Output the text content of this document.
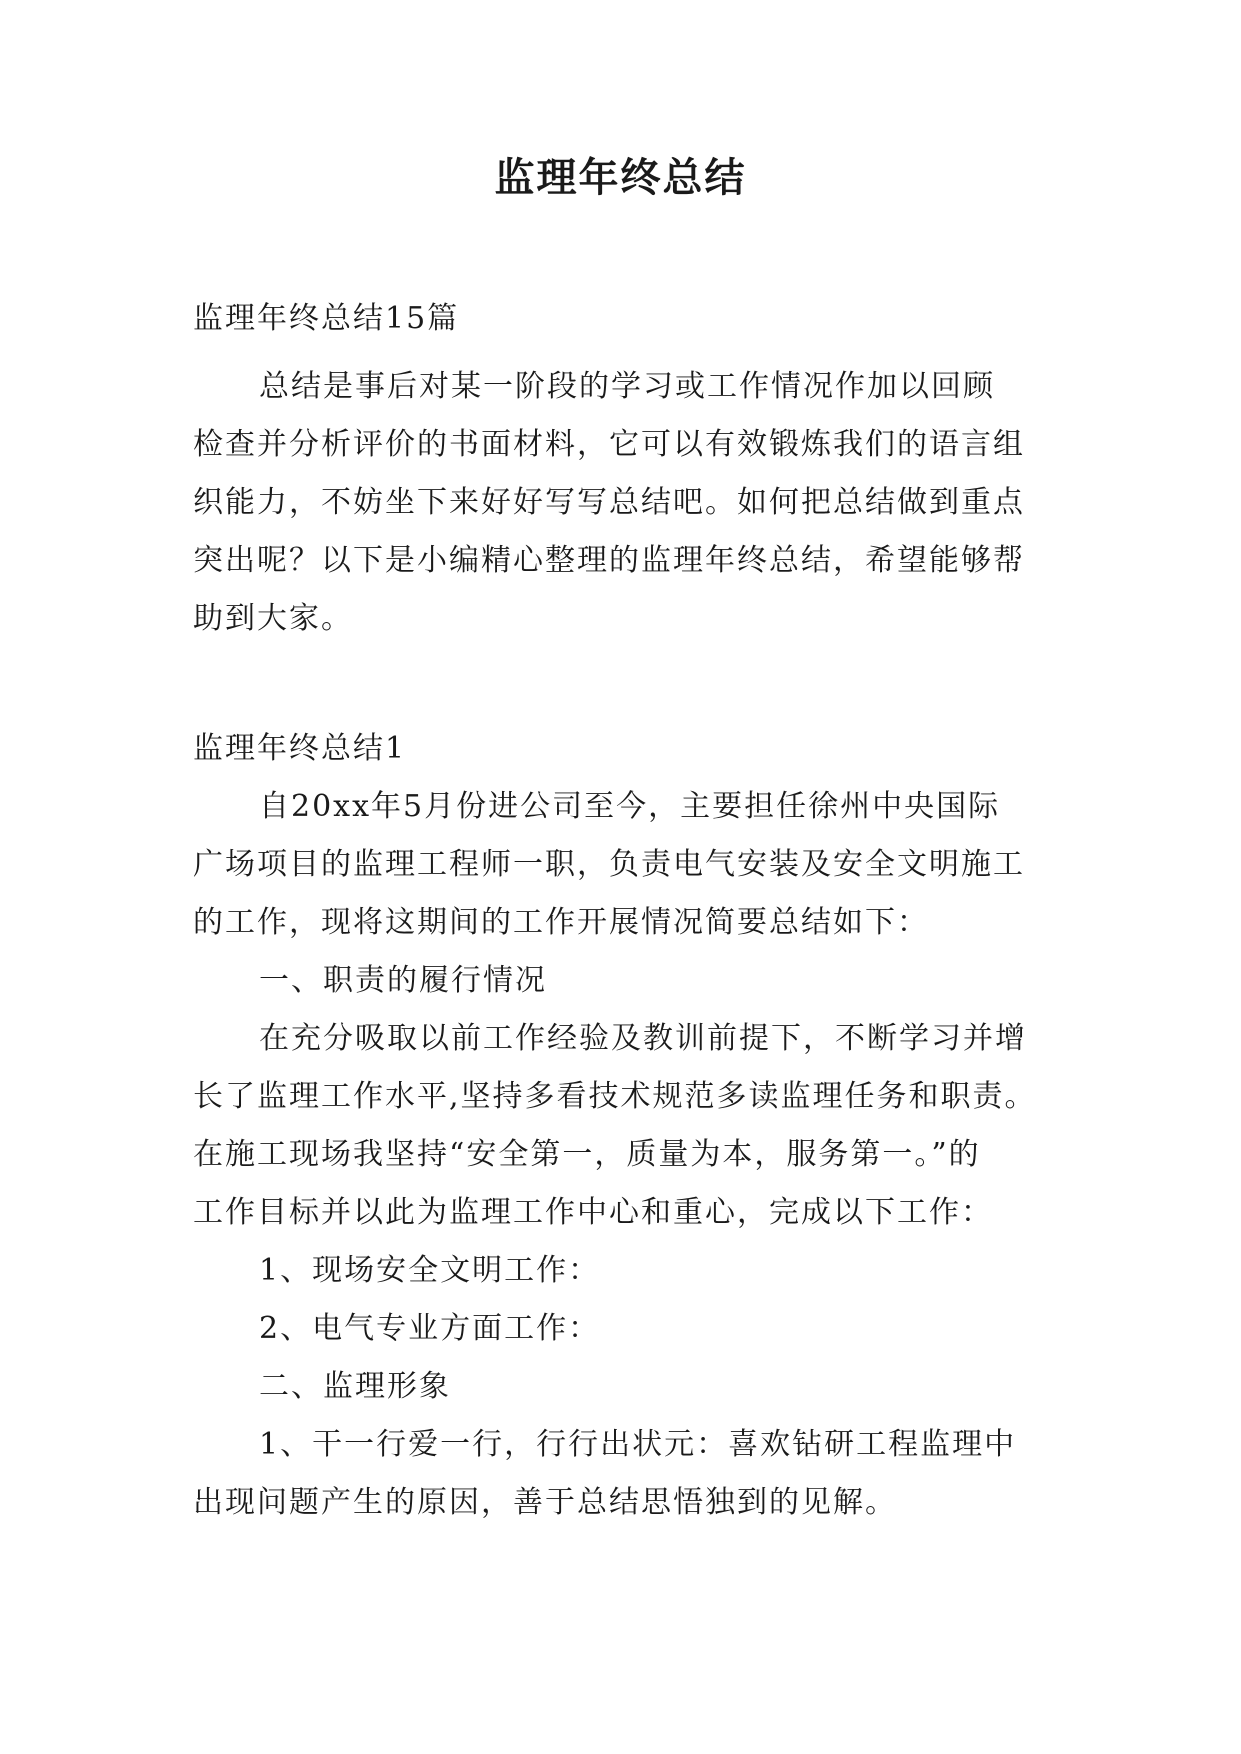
监理年终总结
监理年终总结15篇
总结是事后对某一阶段的学习或工作情况作加以回顾
检查并分析评价的书面材料，它可以有效锻炼我们的语言组
织能力，不妨坐下来好好写写总结吧。如何把总结做到重点
突出呢？以下是小编精心整理的监理年终总结，希望能够帮
助到大家。
监理年终总结1
自20xx年5月份进公司至今，主要担任徐州中央国际
广场项目的监理工程师一职，负责电气安装及安全文明施工
的工作，现将这期间的工作开展情况简要总结如下：
一、职责的履行情况
在充分吸取以前工作经验及教训前提下，不断学习并增
长了监理工作水平,坚持多看技术规范多读监理任务和职责。
在施工现场我坚持“安全第一，质量为本，服务第一。”的
工作目标并以此为监理工作中心和重心，完成以下工作：
1、现场安全文明工作：
2、电气专业方面工作：
二、监理形象
1、干一行爱一行，行行出状元：喜欢钻研工程监理中
出现问题产生的原因，善于总结思悟独到的见解。
